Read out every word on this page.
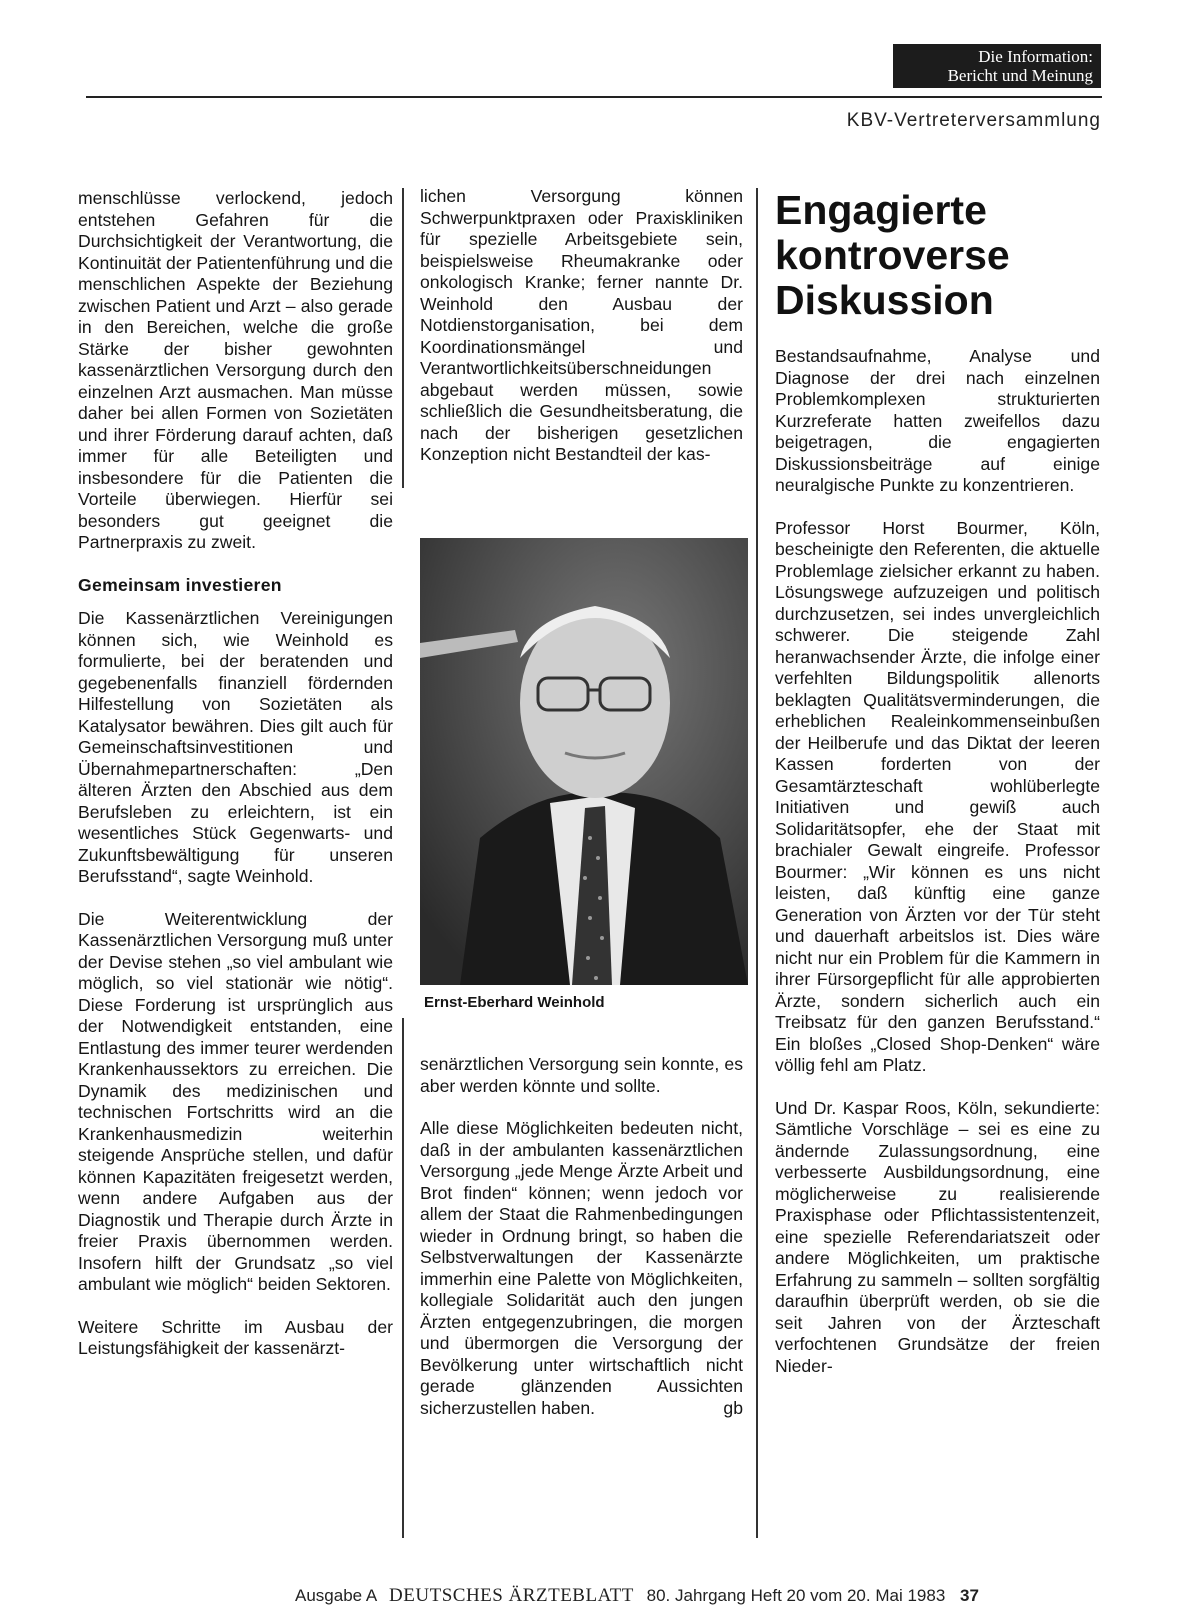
Die Information:
Bericht und Meinung
KBV-Vertreterversammlung

menschlüsse verlockend, jedoch entstehen Gefahren für die Durchsichtigkeit der Verantwortung, die Kontinuität der Patientenführung und die menschlichen Aspekte der Beziehung zwischen Patient und Arzt – also gerade in den Bereichen, welche die große Stärke der bisher gewohnten kassenärztlichen Versorgung durch den einzelnen Arzt ausmachen. Man müsse daher bei allen Formen von Sozietäten und ihrer Förderung darauf achten, daß immer für alle Beteiligten und insbesondere für die Patienten die Vorteile überwiegen. Hierfür sei besonders gut geeignet die Partnerpraxis zu zweit.

Gemeinsam investieren

Die Kassenärztlichen Vereinigungen können sich, wie Weinhold es formulierte, bei der beratenden und gegebenenfalls finanziell fördernden Hilfestellung von Sozietäten als Katalysator bewähren. Dies gilt auch für Gemeinschaftsinvestitionen und Übernahmepartnerschaften: „Den älteren Ärzten den Abschied aus dem Berufsleben zu erleichtern, ist ein wesentliches Stück Gegenwarts- und Zukunftsbewältigung für unseren Berufsstand“, sagte Weinhold.

Die Weiterentwicklung der Kassenärztlichen Versorgung muß unter der Devise stehen „so viel ambulant wie möglich, so viel stationär wie nötig“. Diese Forderung ist ursprünglich aus der Notwendigkeit entstanden, eine Entlastung des immer teurer werdenden Krankenhaussektors zu erreichen. Die Dynamik des medizinischen und technischen Fortschritts wird an die Krankenhausmedizin weiterhin steigende Ansprüche stellen, und dafür können Kapazitäten freigesetzt werden, wenn andere Aufgaben aus der Diagnostik und Therapie durch Ärzte in freier Praxis übernommen werden. Insofern hilft der Grundsatz „so viel ambulant wie möglich“ beiden Sektoren.

Weitere Schritte im Ausbau der Leistungsfähigkeit der kassenärzt-

lichen Versorgung können Schwerpunktpraxen oder Praxiskliniken für spezielle Arbeitsgebiete sein, beispielsweise Rheumakranke oder onkologisch Kranke; ferner nannte Dr. Weinhold den Ausbau der Notdienstorganisation, bei dem Koordinationsmängel und Verantwortlichkeitsüberschneidungen abgebaut werden müssen, sowie schließlich die Gesundheitsberatung, die nach der bisherigen gesetzlichen Konzeption nicht Bestandteil der kas-

Ernst-Eberhard Weinhold

senärztlichen Versorgung sein konnte, es aber werden könnte und sollte.

Alle diese Möglichkeiten bedeuten nicht, daß in der ambulanten kassenärztlichen Versorgung „jede Menge Ärzte Arbeit und Brot finden“ können; wenn jedoch vor allem der Staat die Rahmenbedingungen wieder in Ordnung bringt, so haben die Selbstverwaltungen der Kassenärzte immerhin eine Palette von Möglichkeiten, kollegiale Solidarität auch den jungen Ärzten entgegenzubringen, die morgen und übermorgen die Versorgung der Bevölkerung unter wirtschaftlich nicht gerade glänzenden Aussichten sicherzustellen haben.	gb

Engagierte kontroverse Diskussion

Bestandsaufnahme, Analyse und Diagnose der drei nach einzelnen Problemkomplexen strukturierten Kurzreferate hatten zweifellos dazu beigetragen, die engagierten Diskussionsbeiträge auf einige neuralgische Punkte zu konzentrieren.

Professor Horst Bourmer, Köln, bescheinigte den Referenten, die aktuelle Problemlage zielsicher erkannt zu haben. Lösungswege aufzuzeigen und politisch durchzusetzen, sei indes unvergleichlich schwerer. Die steigende Zahl heranwachsender Ärzte, die infolge einer verfehlten Bildungspolitik allenorts beklagten Qualitätsverminderungen, die erheblichen Realeinkommenseinbußen der Heilberufe und das Diktat der leeren Kassen forderten von der Gesamtärzteschaft wohlüberlegte Initiativen und gewiß auch Solidaritätsopfer, ehe der Staat mit brachialer Gewalt eingreife. Professor Bourmer: „Wir können es uns nicht leisten, daß künftig eine ganze Generation von Ärzten vor der Tür steht und dauerhaft arbeitslos ist. Dies wäre nicht nur ein Problem für die Kammern in ihrer Fürsorgepflicht für alle approbierten Ärzte, sondern sicherlich auch ein Treibsatz für den ganzen Berufsstand.“ Ein bloßes „Closed Shop-Denken“ wäre völlig fehl am Platz.

Und Dr. Kaspar Roos, Köln, sekundierte: Sämtliche Vorschläge – sei es eine zu ändernde Zulassungsordnung, eine verbesserte Ausbildungsordnung, eine möglicherweise zu realisierende Praxisphase oder Pflichtassistentenzeit, eine spezielle Referendariatszeit oder andere Möglichkeiten, um praktische Erfahrung zu sammeln – sollten sorgfältig daraufhin überprüft werden, ob sie die seit Jahren von der Ärzteschaft verfochtenen Grundsätze der freien Nieder-

Ausgabe A DEUTSCHES ÄRZTEBLATT 80. Jahrgang Heft 20 vom 20. Mai 1983 37
